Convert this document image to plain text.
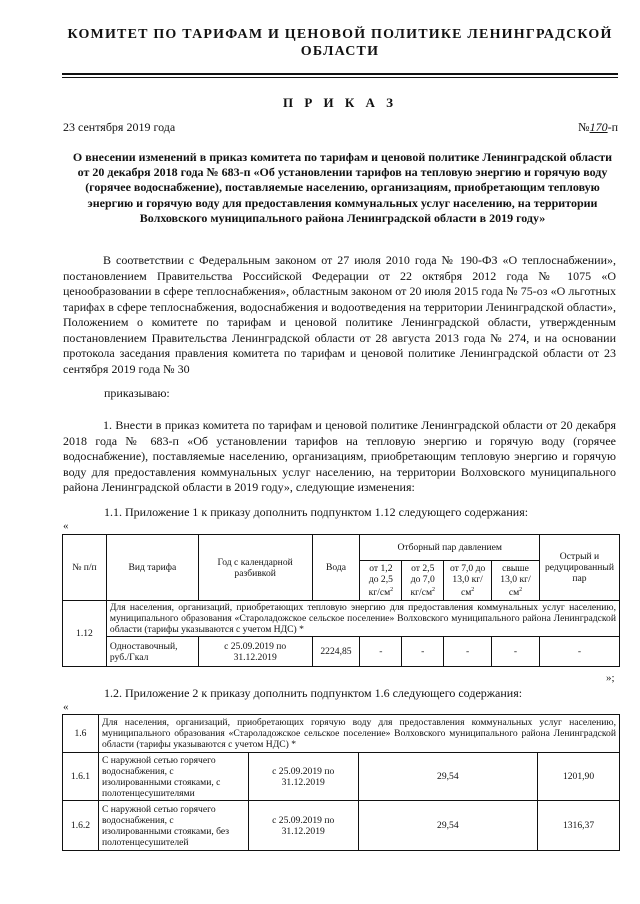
КОМИТЕТ ПО ТАРИФАМ И ЦЕНОВОЙ ПОЛИТИКЕ ЛЕНИНГРАДСКОЙ
ОБЛАСТИ
П Р И К А З
23 сентября 2019 года	№170-п
О внесении изменений в приказ комитета по тарифам и ценовой политике Ленинградской области от 20 декабря 2018 года № 683-п «Об установлении тарифов на тепловую энергию и горячую воду (горячее водоснабжение), поставляемые населению, организациям, приобретающим тепловую энергию и горячую воду для предоставления коммунальных услуг населению, на территории Волховского муниципального района Ленинградской области в 2019 году»
В соответствии с Федеральным законом от 27 июля 2010 года № 190-ФЗ «О теплоснабжении», постановлением Правительства Российской Федерации от 22 октября 2012 года № 1075 «О ценообразовании в сфере теплоснабжения», областным законом от 20 июля 2015 года № 75-оз «О льготных тарифах в сфере теплоснабжения, водоснабжения и водоотведения на территории Ленинградской области», Положением о комитете по тарифам и ценовой политике Ленинградской области, утвержденным постановлением Правительства Ленинградской области от 28 августа 2013 года № 274, и на основании протокола заседания правления комитета по тарифам и ценовой политике Ленинградской области от 23 сентября 2019 года № 30
приказываю:
1. Внести в приказ комитета по тарифам и ценовой политике Ленинградской области от 20 декабря 2018 года № 683-п «Об установлении тарифов на тепловую энергию и горячую воду (горячее водоснабжение), поставляемые населению, организациям, приобретающим тепловую энергию и горячую воду для предоставления коммунальных услуг населению, на территории Волховского муниципального района Ленинградской области в 2019 году», следующие изменения:
1.1. Приложение 1 к приказу дополнить подпунктом 1.12 следующего содержания:
«
№ п/п	Вид тарифа	Год с календарной разбивкой	Вода	Отборный пар давлением				Острый и редуцированный пар
				от 1,2 до 2,5 $кг/см^2$	от 2,5 до 7,0 $кг/см^2$	от 7,0 до 13,0 $кг/см^2$	свыше 13,0 $кг/см^2$
1.12	Для населения, организаций, приобретающих тепловую энергию для предоставления коммунальных услуг населению, муниципального образования «Староладожское сельское поселение» Волховского муниципального района Ленинградской области (тарифы указываются с учетом НДС) *							
	Одноставочный, руб./Гкал	с 25.09.2019 по 31.12.2019	2224,85	-	-	-	-	-
»;
1.2. Приложение 2 к приказу дополнить подпунктом 1.6 следующего содержания:
«
1.6	Для населения, организаций, приобретающих горячую воду для предоставления коммунальных услуг населению, муниципального образования «Староладожское сельское поселение» Волховского муниципального района Ленинградской области (тарифы указываются с учетом НДС) *			
1.6.1	С наружной сетью горячего водоснабжения, с изолированными стояками, с полотенцесушителями	с 25.09.2019 по 31.12.2019	29,54	1201,90
1.6.2	С наружной сетью горячего водоснабжения, с изолированными стояками, без полотенцесушителей	с 25.09.2019 по 31.12.2019	29,54	1316,37
